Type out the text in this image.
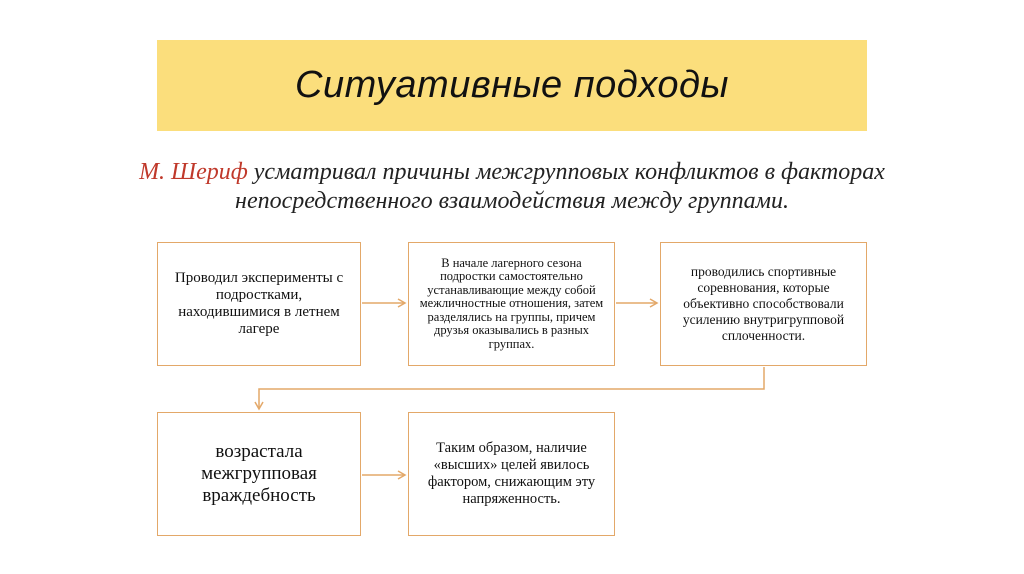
Ситуативные подходы
М. Шериф усматривал причины межгрупповых конфликтов в факторах непосредственного взаимодействия между группами.
Проводил эксперименты с подростками, находившимися в летнем лагере
В начале лагерного сезона подростки самостоятельно устанавливающие между собой межличностные отношения, затем разделялись на группы, причем друзья оказывались в разных группах.
проводились спортивные соревнования, которые объективно способствовали усилению внутригрупповой сплоченности.
возрастала межгрупповая враждебность
Таким образом, наличие «высших» целей явилось фактором, снижающим эту напряженность.
